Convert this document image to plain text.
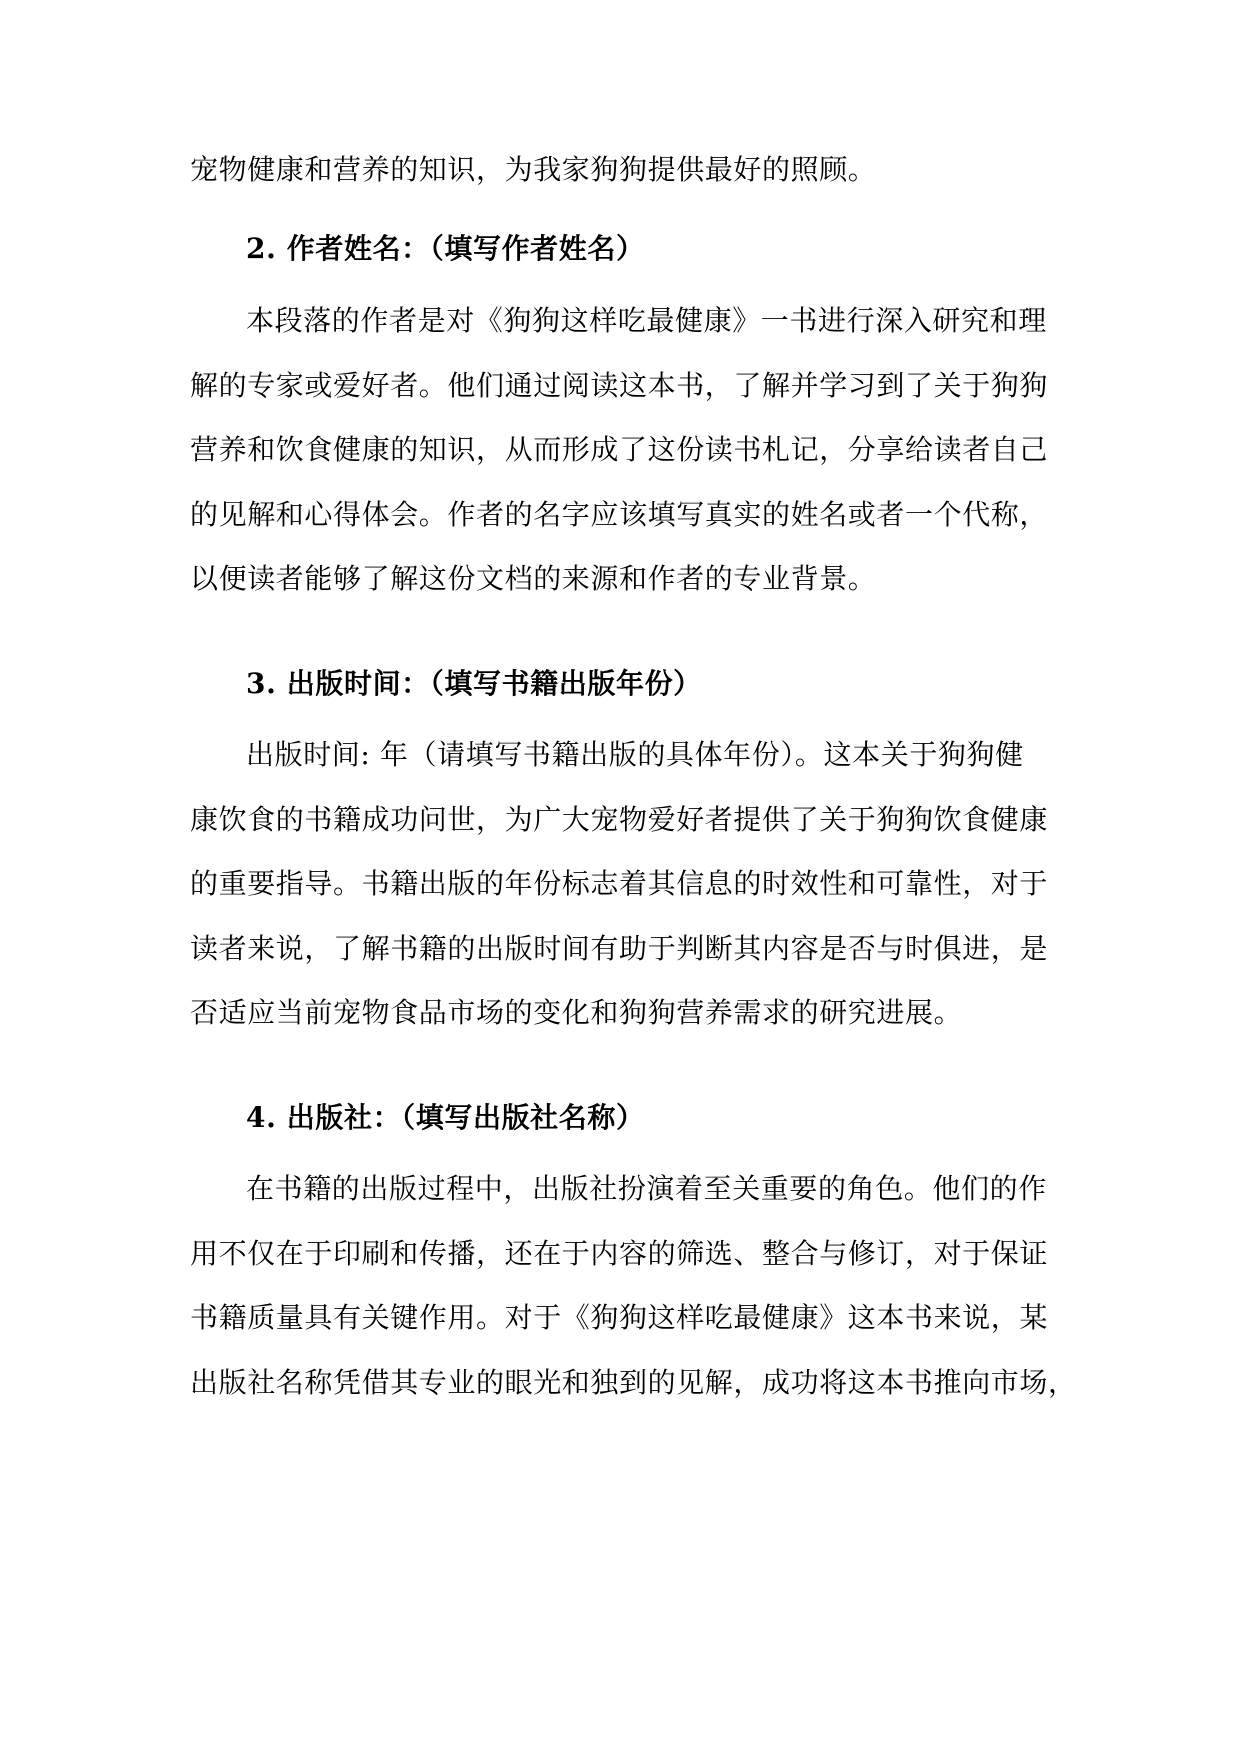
宠物健康和营养的知识，为我家狗狗提供最好的照顾。
2. 作者姓名：（填写作者姓名）
本段落的作者是对《狗狗这样吃最健康》一书进行深入研究和理
解的专家或爱好者。他们通过阅读这本书，了解并学习到了关于狗狗
营养和饮食健康的知识，从而形成了这份读书札记，分享给读者自己
的见解和心得体会。作者的名字应该填写真实的姓名或者一个代称，
以便读者能够了解这份文档的来源和作者的专业背景。
3. 出版时间：（填写书籍出版年份）
出版时间: 年（请填写书籍出版的具体年份）。这本关于狗狗健
康饮食的书籍成功问世，为广大宠物爱好者提供了关于狗狗饮食健康
的重要指导。书籍出版的年份标志着其信息的时效性和可靠性，对于
读者来说，了解书籍的出版时间有助于判断其内容是否与时俱进，是
否适应当前宠物食品市场的变化和狗狗营养需求的研究进展。
4. 出版社：（填写出版社名称）
在书籍的出版过程中，出版社扮演着至关重要的角色。他们的作
用不仅在于印刷和传播，还在于内容的筛选、整合与修订，对于保证
书籍质量具有关键作用。对于《狗狗这样吃最健康》这本书来说，某
出版社名称凭借其专业的眼光和独到的见解，成功将这本书推向市场，
